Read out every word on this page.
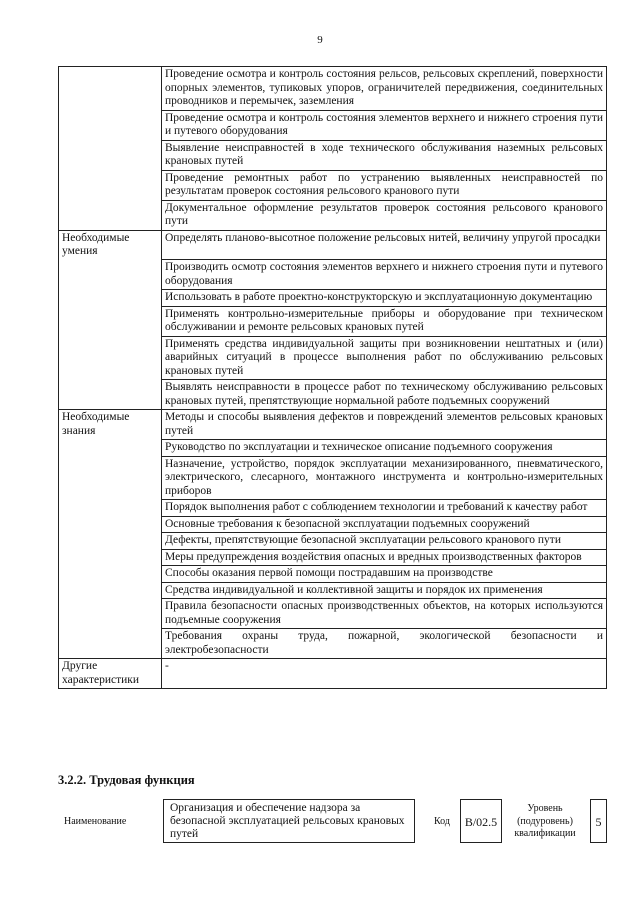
9
	Проведение осмотра и контроль состояния рельсов, рельсовых скреплений, поверхности опорных элементов, тупиковых упоров, ограничителей передвижения, соединительных проводников и перемычек, заземления
	Проведение осмотра и контроль состояния элементов верхнего и нижнего строения пути и путевого оборудования
	Выявление неисправностей в ходе технического обслуживания наземных рельсовых крановых путей
	Проведение ремонтных работ по устранению выявленных неисправностей по результатам проверок состояния рельсового кранового пути
	Документальное оформление результатов проверок состояния рельсового кранового пути
Необходимые умения	Определять планово-высотное положение рельсовых нитей, величину упругой просадки
	Производить осмотр состояния элементов верхнего и нижнего строения пути и путевого оборудования
	Использовать в работе проектно-конструкторскую и эксплуатационную документацию
	Применять контрольно-измерительные приборы и оборудование при техническом обслуживании и ремонте рельсовых крановых путей
	Применять средства индивидуальной защиты при возникновении нештатных и (или) аварийных ситуаций в процессе выполнения работ по обслуживанию рельсовых крановых путей
	Выявлять неисправности в процессе работ по техническому обслуживанию рельсовых крановых путей, препятствующие нормальной работе подъемных сооружений
Необходимые знания	Методы и способы выявления дефектов и повреждений элементов рельсовых крановых путей
	Руководство по эксплуатации и техническое описание подъемного сооружения
	Назначение, устройство, порядок эксплуатации механизированного, пневматического, электрического, слесарного, монтажного инструмента и контрольно-измерительных приборов
	Порядок выполнения работ с соблюдением технологии и требований к качеству работ
	Основные требования к безопасной эксплуатации подъемных сооружений
	Дефекты, препятствующие безопасной эксплуатации рельсового кранового пути
	Меры предупреждения воздействия опасных и вредных производственных факторов
	Способы оказания первой помощи пострадавшим на производстве
	Средства индивидуальной и коллективной защиты и порядок их применения
	Правила безопасности опасных производственных объектов, на которых используются подъемные сооружения
	Требования охраны труда, пожарной, экологической безопасности и электробезопасности
Другие характеристики	-
3.2.2. Трудовая функция
Наименование
Организация и обеспечение надзора за безопасной эксплуатацией рельсовых крановых путей
Код	B/02.5
Уровень (подуровень) квалификации
5
